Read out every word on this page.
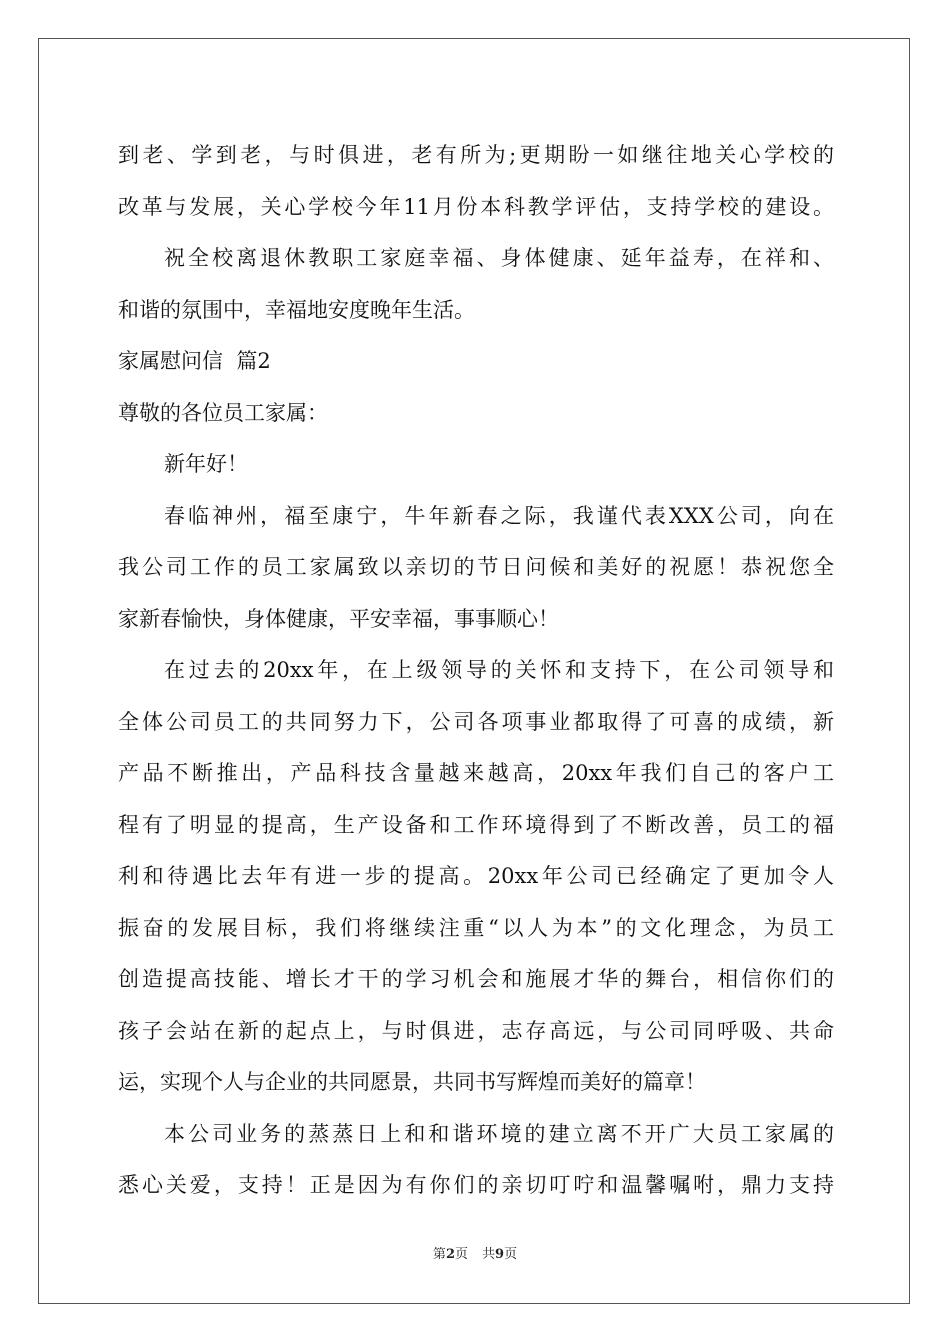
到老、学到老，与时俱进，老有所为;更期盼一如继往地关心学校的
改革与发展，关心学校今年11月份本科教学评估，支持学校的建设。
祝全校离退休教职工家庭幸福、身体健康、延年益寿，在祥和、
和谐的氛围中，幸福地安度晚年生活。
家属慰问信  篇2
尊敬的各位员工家属：
新年好！
春临神州，福至康宁，牛年新春之际，我谨代表XXX公司，向在
我公司工作的员工家属致以亲切的节日问候和美好的祝愿！恭祝您全
家新春愉快，身体健康，平安幸福，事事顺心！
在过去的20xx年，在上级领导的关怀和支持下，在公司领导和
全体公司员工的共同努力下，公司各项事业都取得了可喜的成绩，新
产品不断推出，产品科技含量越来越高，20xx年我们自己的客户工
程有了明显的提高，生产设备和工作环境得到了不断改善，员工的福
利和待遇比去年有进一步的提高。20xx年公司已经确定了更加令人
振奋的发展目标，我们将继续注重“以人为本”的文化理念，为员工
创造提高技能、增长才干的学习机会和施展才华的舞台，相信你们的
孩子会站在新的起点上，与时俱进，志存高远，与公司同呼吸、共命
运，实现个人与企业的共同愿景，共同书写辉煌而美好的篇章！
本公司业务的蒸蒸日上和和谐环境的建立离不开广大员工家属的
悉心关爱，支持！正是因为有你们的亲切叮咛和温馨嘱咐，鼎力支持
第2页 共9页
